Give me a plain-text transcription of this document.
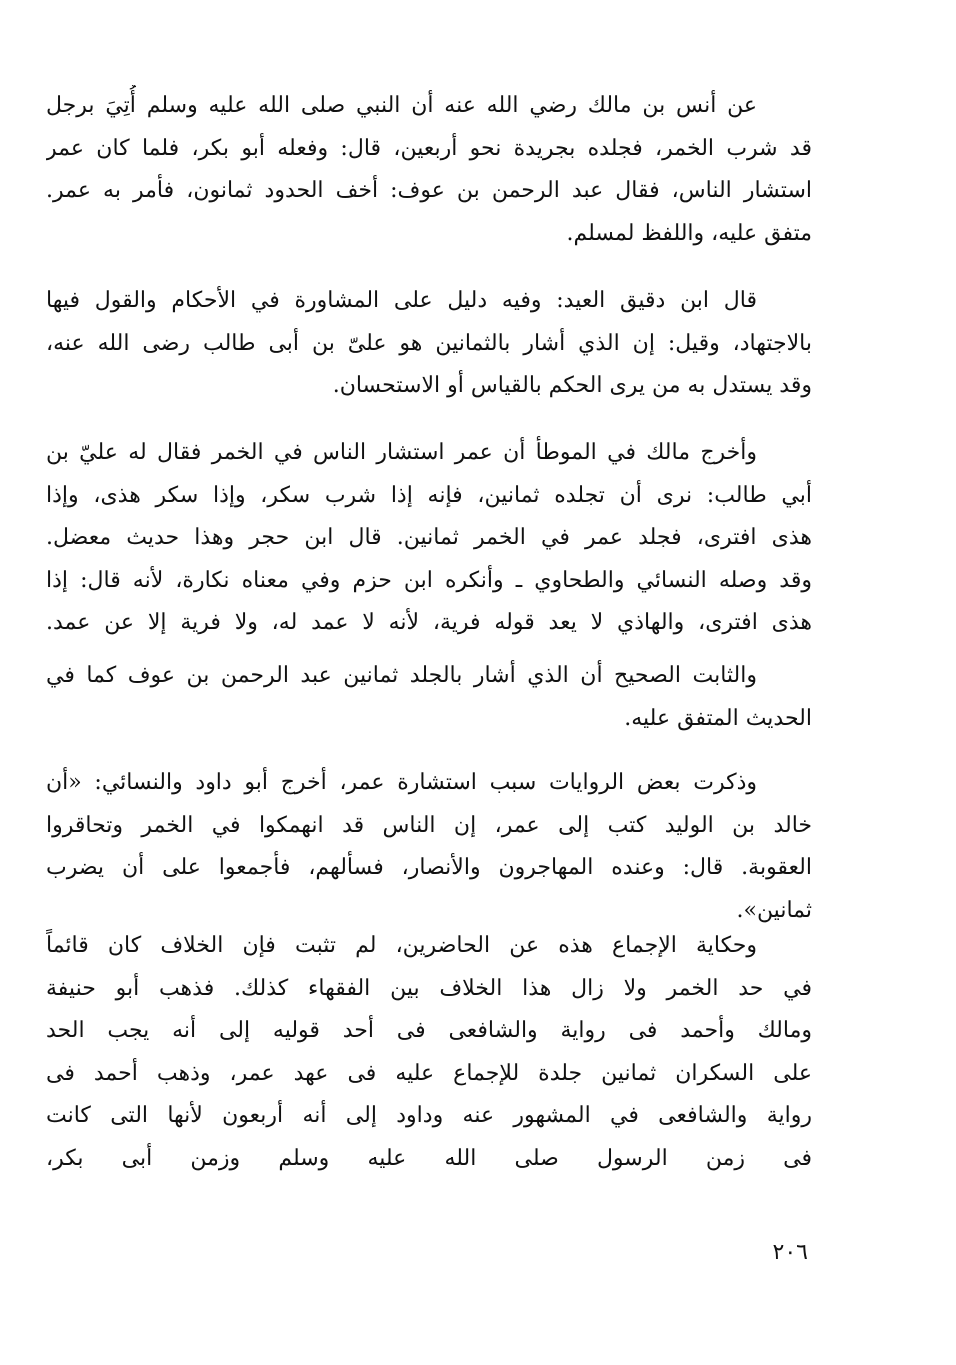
عن أنس بن مالك رضي الله عنه أن النبي صلى الله عليه وسلم أُتِيَ برجل
قد شرب الخمر، فجلده بجريدة نحو أربعين، قال: وفعله أبو بكر، فلما كان عمر
استشار الناس، فقال عبد الرحمن بن عوف: أخف الحدود ثمانون، فأمر به عمر.
متفق عليه، واللفظ لمسلم.
قال ابن دقيق العيد: وفيه دليل على المشاورة في الأحكام والقول فيها
بالاجتهاد، وقيل: إن الذي أشار بالثمانين هو علىّ بن أبى طالب رضى الله عنه،
وقد يستدل به من يرى الحكم بالقياس أو الاستحسان.
وأخرج مالك في الموطأ أن عمر استشار الناس في الخمر فقال له عليّ بن
أبي طالب: نرى أن تجلده ثمانين، فإنه إذا شرب سكر، وإذا سكر هذى، وإذا
هذى افترى، فجلد عمر في الخمر ثمانين. قال ابن حجر وهذا حديث معضل.
وقد وصله النسائي والطحاوي ـ وأنكره ابن حزم وفي معناه نكارة، لأنه قال: إذا
هذى افترى، والهاذي لا يعد قوله فرية، لأنه لا عمد له، ولا فرية إلا عن عمد.
والثابت الصحيح أن الذي أشار بالجلد ثمانين عبد الرحمن بن عوف كما في
الحديث المتفق عليه.
وذكرت بعض الروايات سبب استشارة عمر، أخرج أبو داود والنسائي: «أن
خالد بن الوليد كتب إلى عمر، إن الناس قد انهمكوا في الخمر وتحاقروا
العقوبة. قال: وعنده المهاجرون والأنصار، فسألهم، فأجمعوا على أن يضرب
ثمانين».
وحكاية الإجماع هذه عن الحاضرين، لم تثبت فإن الخلاف كان قائماً
في حد الخمر ولا زال هذا الخلاف بين الفقهاء كذلك. فذهب أبو حنيفة
ومالك وأحمد فى رواية والشافعى فى أحد قوليه إلى أنه يجب الحد
على السكران ثمانين جلدة للإجماع عليه فى عهد عمر، وذهب أحمد فى
رواية والشافعى في المشهور عنه وداود إلى أنه أربعون لأنها التى كانت
فى زمن الرسول صلى الله عليه وسلم وزمن أبى بكر،
٢٠٦
